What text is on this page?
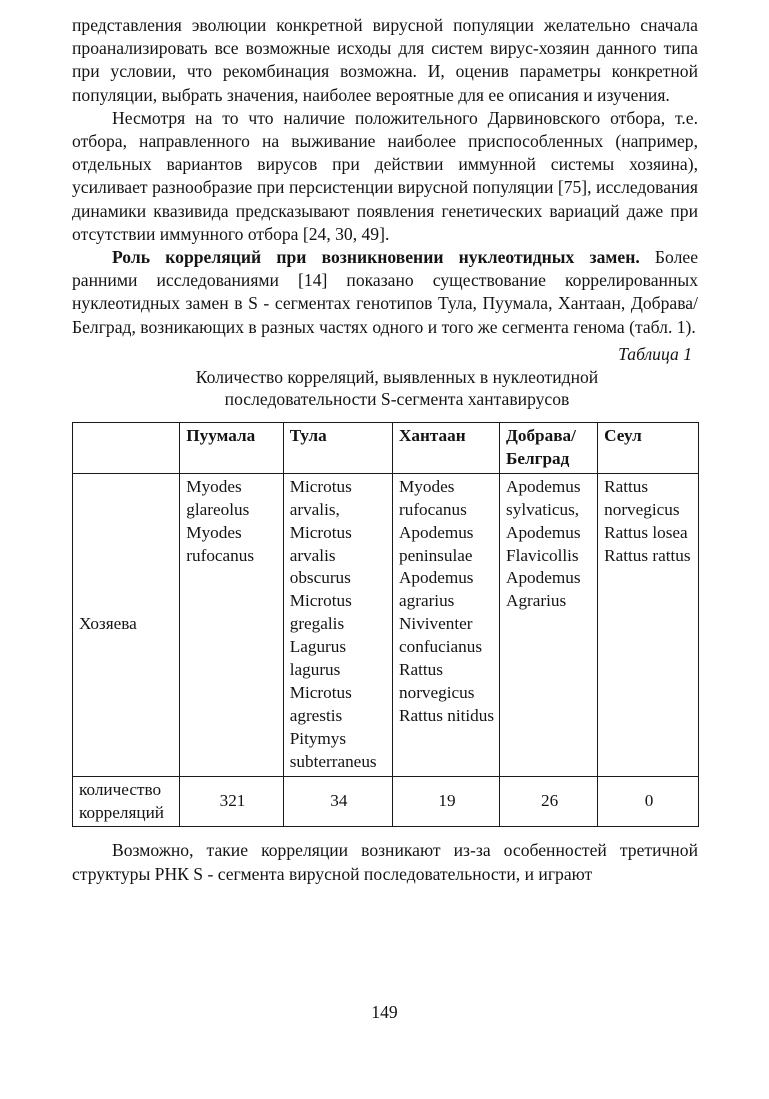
представления эволюции конкретной вирусной популяции желательно сначала проанализировать все возможные исходы для систем вирус-хозяин данного типа при условии, что рекомбинация возможна. И, оценив параметры конкретной популяции, выбрать значения, наиболее вероятные для ее описания и изучения.

Несмотря на то что наличие положительного Дарвиновского отбора, т.е. отбора, направленного на выживание наиболее приспособленных (например, отдельных вариантов вирусов при действии иммунной системы хозяина), усиливает разнообразие при персистенции вирусной популяции [75], исследования динамики квазивида предсказывают появления генетических вариаций даже при отсутствии иммунного отбора [24, 30, 49].

Роль корреляций при возникновении нуклеотидных замен. Более ранними исследованиями [14] показано существование коррелированных нуклеотидных замен в S - сегментах генотипов Тула, Пуумала, Хантаан, Добрава/Белград, возникающих в разных частях одного и того же сегмента генома (табл. 1).

Таблица 1
Количество корреляций, выявленных в нуклеотидной последовательности S-сегмента хантавирусов
	Пуумала	Тула	Хантаан	Добрава/ Белград	Сеул
Хозяева	Myodes glareolus Myodes rufocanus	Microtus arvalis, Microtus arvalis obscurus Microtus gregalis Lagurus lagurus Microtus agrestis Pitymys subterraneus	Myodes rufocanus Apodemus peninsulae Apodemus agrarius Niviventer confucianus Rattus norvegicus Rattus nitidus	Apodemus sylvaticus, Apodemus Flavicollis Apodemus Agrarius	Rattus norvegicus Rattus losea Rattus rattus
количество корреляций	321	34	19	26	0

Возможно, такие корреляции возникают из-за особенностей третичной структуры РНК S - сегмента вирусной последовательности, и играют

149
